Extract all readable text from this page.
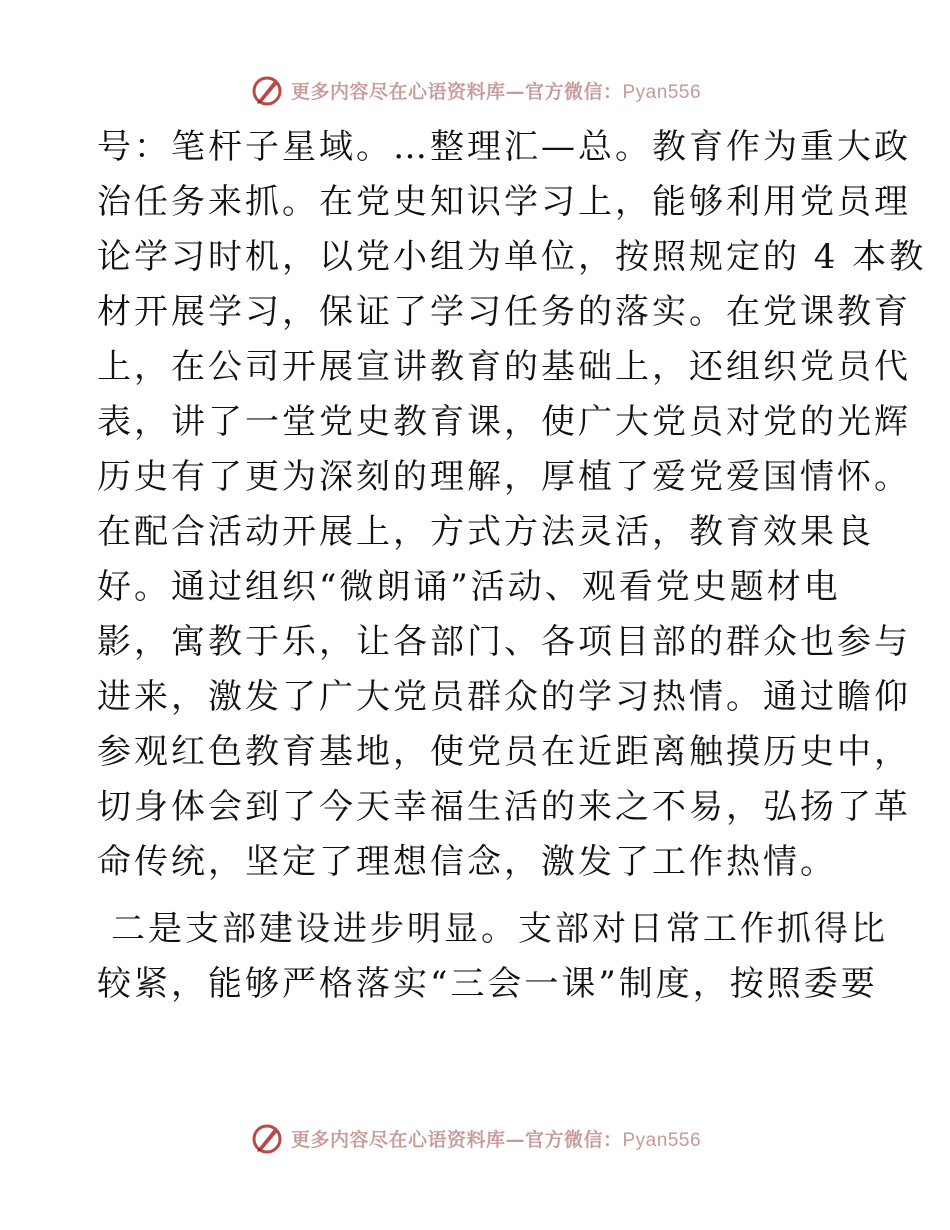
更多内容尽在心语资料库—官方微信：Pyan556
号：笔杆子星域。…整理汇—总。教育作为重大政
治任务来抓。在党史知识学习上，能够利用党员理
论学习时机，以党小组为单位，按照规定的 4 本教
材开展学习，保证了学习任务的落实。在党课教育
上，在公司开展宣讲教育的基础上，还组织党员代
表，讲了一堂党史教育课，使广大党员对党的光辉
历史有了更为深刻的理解，厚植了爱党爱国情怀。
在配合活动开展上，方式方法灵活，教育效果良
好。通过组织“微朗诵”活动、观看党史题材电
影，寓教于乐，让各部门、各项目部的群众也参与
进来，激发了广大党员群众的学习热情。通过瞻仰
参观红色教育基地，使党员在近距离触摸历史中，
切身体会到了今天幸福生活的来之不易，弘扬了革
命传统，坚定了理想信念，激发了工作热情。
二是支部建设进步明显。支部对日常工作抓得比
较紧，能够严格落实“三会一课”制度，按照委要
更多内容尽在心语资料库—官方微信：Pyan556
